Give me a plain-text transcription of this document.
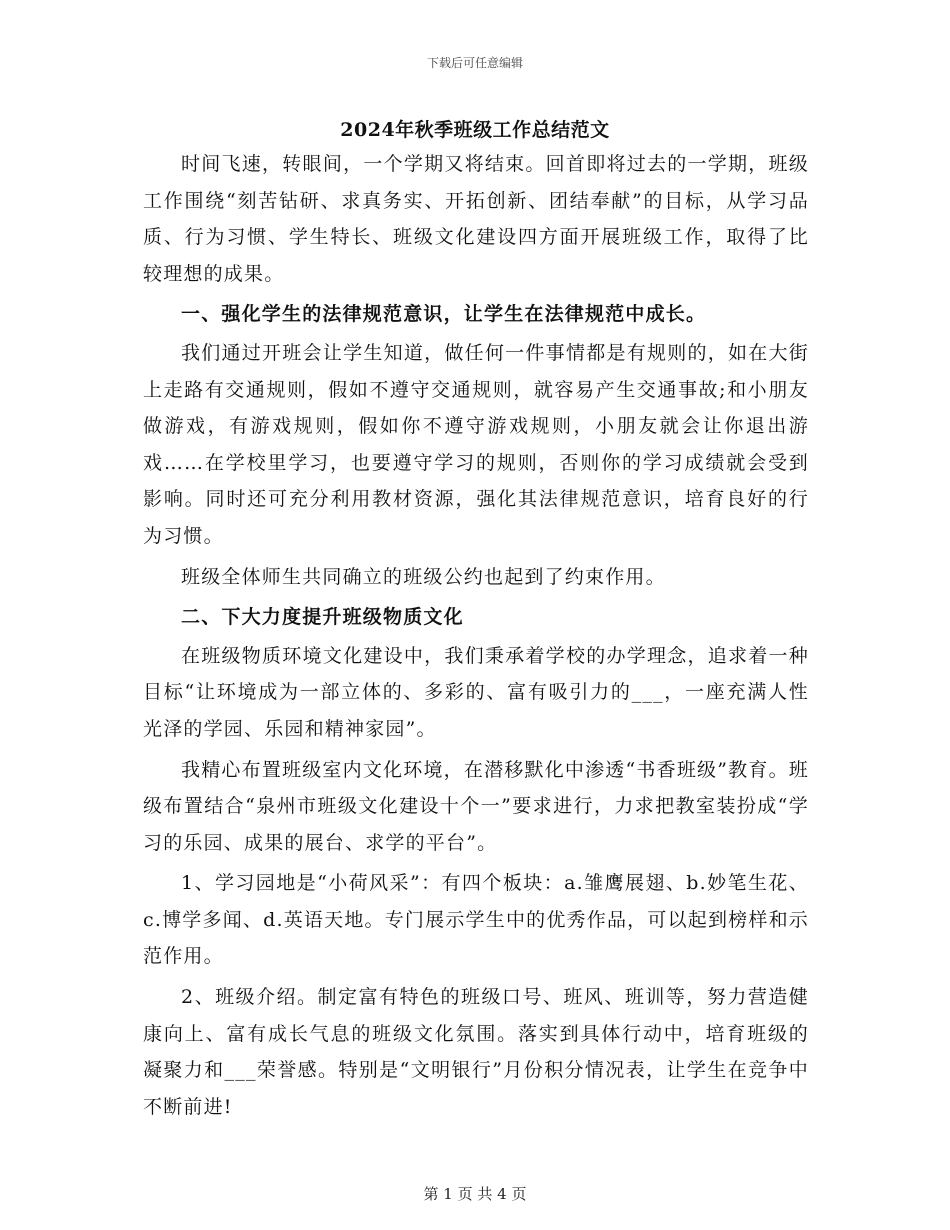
下载后可任意编辑
2024年秋季班级工作总结范文

时间飞速，转眼间，一个学期又将结束。回首即将过去的一学期，班级工作围绕“刻苦钻研、求真务实、开拓创新、团结奉献”的目标，从学习品质、行为习惯、学生特长、班级文化建设四方面开展班级工作，取得了比较理想的成果。

一、强化学生的法律规范意识，让学生在法律规范中成长。

我们通过开班会让学生知道，做任何一件事情都是有规则的，如在大街上走路有交通规则，假如不遵守交通规则，就容易产生交通事故;和小朋友做游戏，有游戏规则，假如你不遵守游戏规则，小朋友就会让你退出游戏……在学校里学习，也要遵守学习的规则，否则你的学习成绩就会受到影响。同时还可充分利用教材资源，强化其法律规范意识，培育良好的行为习惯。

班级全体师生共同确立的班级公约也起到了约束作用。

二、下大力度提升班级物质文化

在班级物质环境文化建设中，我们秉承着学校的办学理念，追求着一种目标“让环境成为一部立体的、多彩的、富有吸引力的___，一座充满人性光泽的学园、乐园和精神家园”。

我精心布置班级室内文化环境，在潜移默化中渗透“书香班级”教育。班级布置结合“泉州市班级文化建设十个一”要求进行，力求把教室装扮成“学习的乐园、成果的展台、求学的平台”。

1、学习园地是“小荷风采”：有四个板块：a.雏鹰展翅、b.妙笔生花、c.博学多闻、d.英语天地。专门展示学生中的优秀作品，可以起到榜样和示范作用。

2、班级介绍。制定富有特色的班级口号、班风、班训等，努力营造健康向上、富有成长气息的班级文化氛围。落实到具体行动中，培育班级的凝聚力和___荣誉感。特别是“文明银行”月份积分情况表，让学生在竞争中不断前进!

第 1 页 共 4 页
